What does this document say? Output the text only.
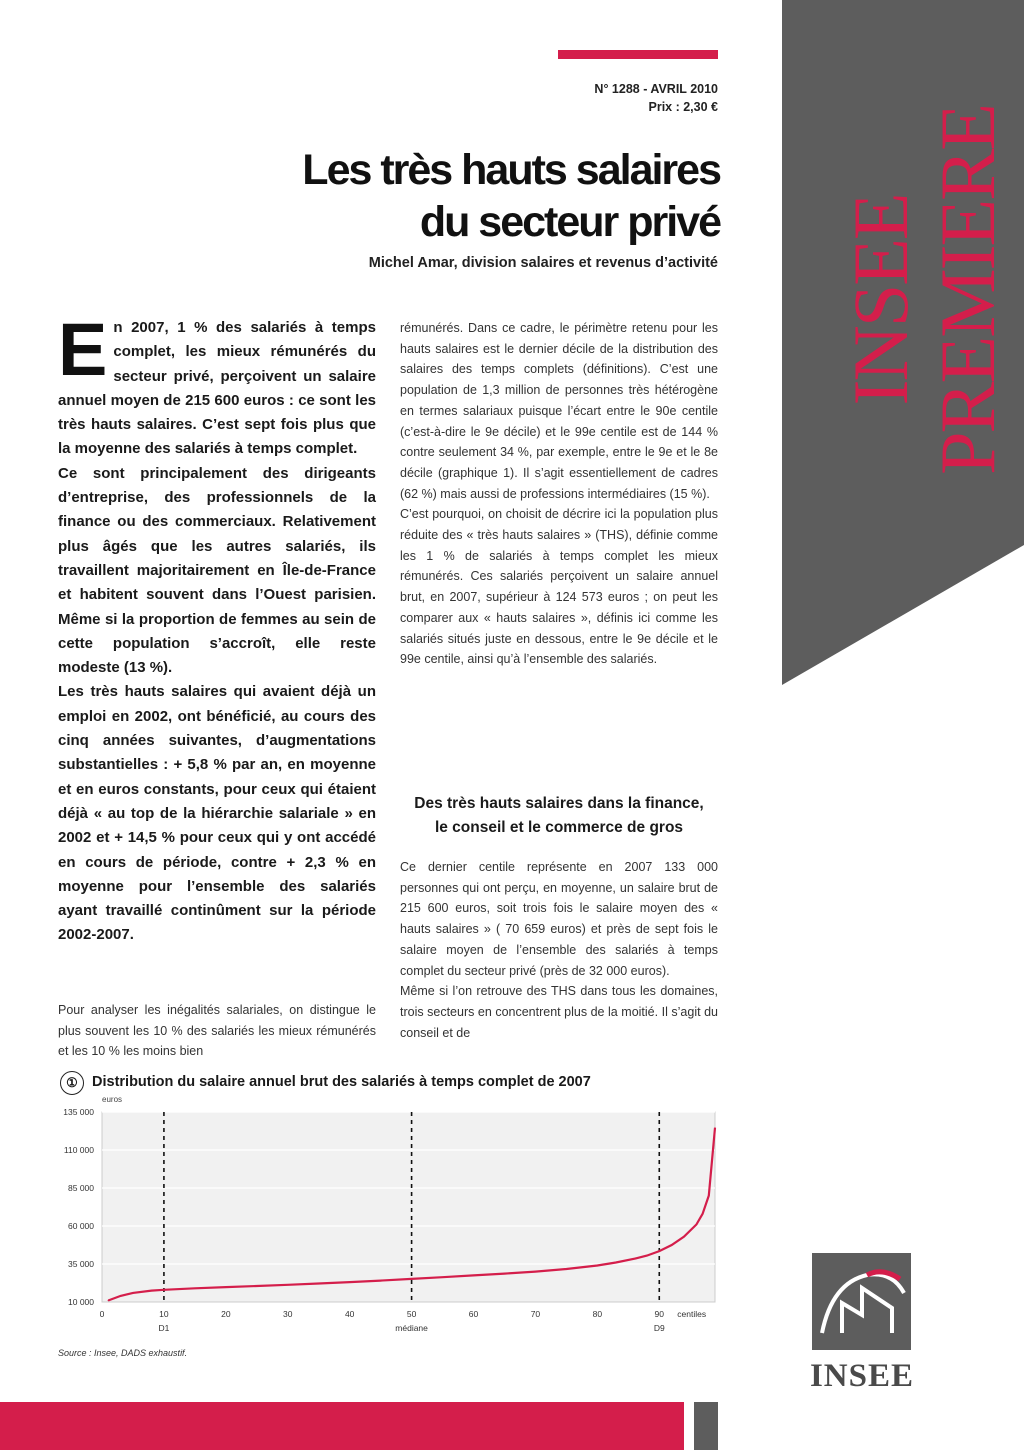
INSEE PREMIERE
N° 1288 - AVRIL 2010
Prix : 2,30 €
Les très hauts salaires
du secteur privé
Michel Amar, division salaires et revenus d’activité

En 2007, 1 % des salariés à temps complet, les mieux rémunérés du secteur privé, perçoivent un salaire annuel moyen de 215 600 euros : ce sont les très hauts salaires. C’est sept fois plus que la moyenne des salariés à temps complet.

Ce sont principalement des dirigeants d’entreprise, des professionnels de la finance ou des commerciaux. Relativement plus âgés que les autres salariés, ils travaillent majoritairement en Île-de-France et habitent souvent dans l’Ouest parisien. Même si la proportion de femmes au sein de cette population s’accroît, elle reste modeste (13 %).

Les très hauts salaires qui avaient déjà un emploi en 2002, ont bénéficié, au cours des cinq années suivantes, d’augmentations substantielles : + 5,8 % par an, en moyenne et en euros constants, pour ceux qui étaient déjà « au top de la hiérarchie salariale » en 2002 et + 14,5 % pour ceux qui y ont accédé en cours de période, contre + 2,3 % en moyenne pour l’ensemble des salariés ayant travaillé continûment sur la période 2002-2007.

Pour analyser les inégalités salariales, on distingue le plus souvent les 10 % des salariés les mieux rémunérés et les 10 % les moins bien

rémunérés. Dans ce cadre, le périmètre retenu pour les hauts salaires est le dernier décile de la distribution des salaires des temps complets (définitions). C’est une population de 1,3 million de personnes très hétérogène en termes salariaux puisque l’écart entre le 90e centile (c’est-à-dire le 9e décile) et le 99e centile est de 144 % contre seulement 34 %, par exemple, entre le 9e et le 8e décile (graphique 1). Il s’agit essentiellement de cadres (62 %) mais aussi de professions intermédiaires (15 %).

C’est pourquoi, on choisit de décrire ici la population plus réduite des « très hauts salaires » (THS), définie comme les 1 % de salariés à temps complet les mieux rémunérés. Ces salariés perçoivent un salaire annuel brut, en 2007, supérieur à 124 573 euros ; on peut les comparer aux « hauts salaires », définis ici comme les salariés situés juste en dessous, entre le 9e décile et le 99e centile, ainsi qu’à l’ensemble des salariés.

Des très hauts salaires dans la finance,
le conseil et le commerce de gros

Ce dernier centile représente en 2007 133 000 personnes qui ont perçu, en moyenne, un salaire brut de 215 600 euros, soit trois fois le salaire moyen des « hauts salaires » ( 70 659 euros) et près de sept fois le salaire moyen de l’ensemble des salariés à temps complet du secteur privé (près de 32 000 euros).

Même si l’on retrouve des THS dans tous les domaines, trois secteurs en concentrent plus de la moitié. Il s’agit du conseil et de

① Distribution du salaire annuel brut des salariés à temps complet de 2007
euros
10 000
35 000
60 000
85 000
110 000
135 000
0	10	20	30	40	50	60	70	80	90 centiles
D1	médiane	D9
Source : Insee, DADS exhaustif.
INSEE
